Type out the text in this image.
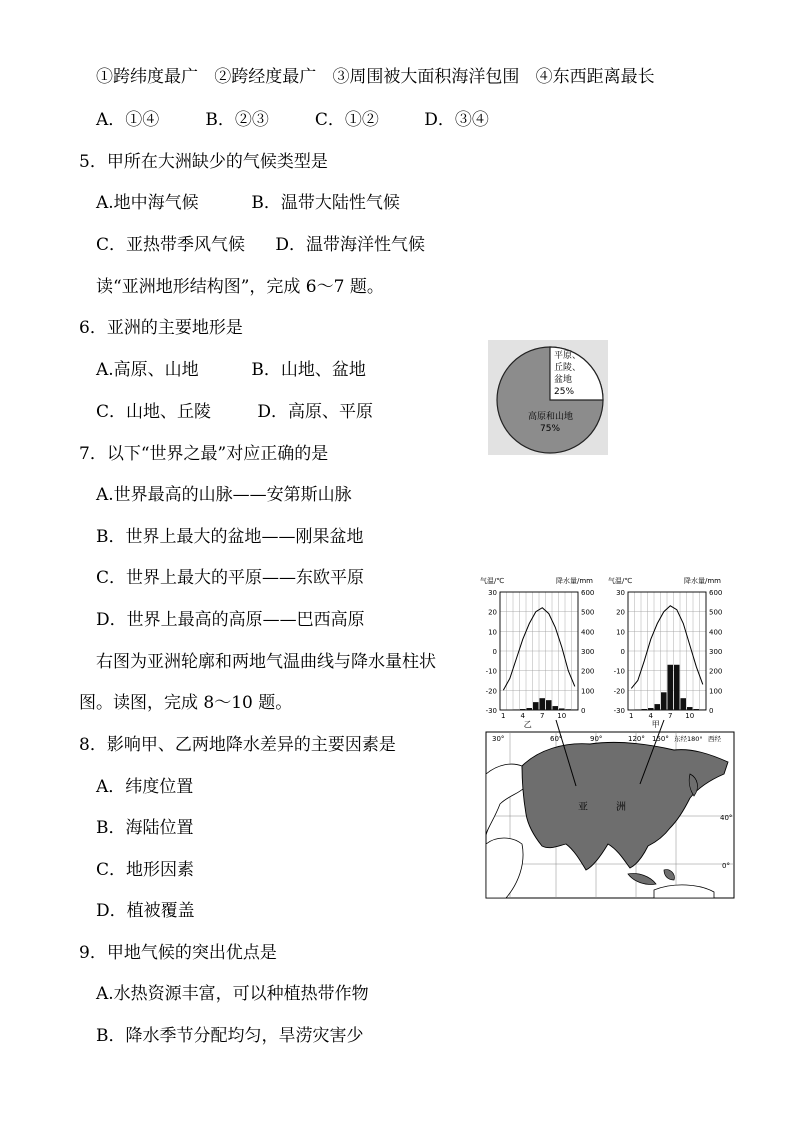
①跨纬度最广 ②跨经度最广 ③周围被大面积海洋包围 ④东西距离最长
A．①④	B．②③	C．①②	D．③④
5．甲所在大洲缺少的气候类型是
A.地中海气候	B．温带大陆性气候
C．亚热带季风气候 D．温带海洋性气候
读“亚洲地形结构图”，完成 6～7 题。
6．亚洲的主要地形是
A.高原、山地	B．山地、盆地
C．山地、丘陵	D．高原、平原
7．以下“世界之最”对应正确的是
A.世界最高的山脉——安第斯山脉
B．世界上最大的盆地——刚果盆地
C．世界上最大的平原——东欧平原
D．世界上最高的高原——巴西高原
右图为亚洲轮廓和两地气温曲线与降水量柱状
图。读图，完成 8～10 题。
8．影响甲、乙两地降水差异的主要因素是
A．纬度位置
B．海陆位置
C．地形因素
D．植被覆盖
9．甲地气候的突出优点是
A.水热资源丰富，可以种植热带作物
B．降水季节分配均匀，旱涝灾害少
平原、
丘陵、
盆地
25%
高原和山地
75%
气温/℃	降水量/mm
30	600
20	500
10	400
0	300
-10	200
-20	100
-30	0
1 4 7 10
乙
气温/℃	降水量/mm
30	600
20	500
10	400
0	300
-10	200
-20	100
-30	0
1 4 7 10
甲
30°	60°	90°	120° 150° 东经180° 西经
40°
0°
亚	洲
